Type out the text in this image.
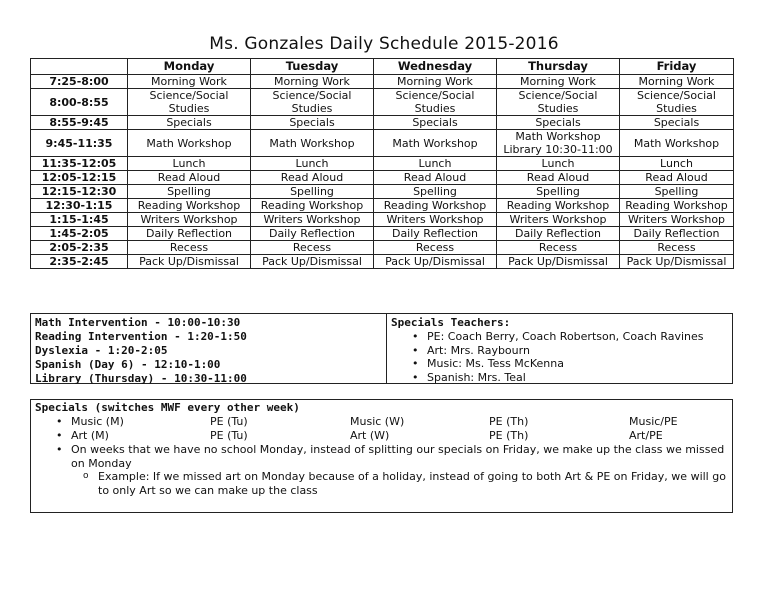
Ms. Gonzales Daily Schedule 2015-2016
	Monday	Tuesday	Wednesday	Thursday	Friday
7:25-8:00	Morning Work	Morning Work	Morning Work	Morning Work	Morning Work
8:00-8:55	Science/Social Studies	Science/Social Studies	Science/Social Studies	Science/Social Studies	Science/Social Studies
8:55-9:45	Specials	Specials	Specials	Specials	Specials
9:45-11:35	Math Workshop	Math Workshop	Math Workshop	Math Workshop Library 10:30-11:00	Math Workshop
11:35-12:05	Lunch	Lunch	Lunch	Lunch	Lunch
12:05-12:15	Read Aloud	Read Aloud	Read Aloud	Read Aloud	Read Aloud
12:15-12:30	Spelling	Spelling	Spelling	Spelling	Spelling
12:30-1:15	Reading Workshop	Reading Workshop	Reading Workshop	Reading Workshop	Reading Workshop
1:15-1:45	Writers Workshop	Writers Workshop	Writers Workshop	Writers Workshop	Writers Workshop
1:45-2:05	Daily Reflection	Daily Reflection	Daily Reflection	Daily Reflection	Daily Reflection
2:05-2:35	Recess	Recess	Recess	Recess	Recess
2:35-2:45	Pack Up/Dismissal	Pack Up/Dismissal	Pack Up/Dismissal	Pack Up/Dismissal	Pack Up/Dismissal
Math Intervention - 10:00-10:30
Reading Intervention - 1:20-1:50
Dyslexia - 1:20-2:05
Spanish (Day 6) - 12:10-1:00
Library (Thursday) - 10:30-11:00
Specials Teachers:
• PE: Coach Berry, Coach Robertson, Coach Ravines
• Art: Mrs. Raybourn
• Music: Ms. Tess McKenna
• Spanish: Mrs. Teal
Specials (switches MWF every other week)
• Music (M)	PE (Tu)	Music (W)	PE (Th)	Music/PE
• Art (M)	PE (Tu)	Art (W)	PE (Th)	Art/PE
• On weeks that we have no school Monday, instead of splitting our specials on Friday, we make up the class we missed on Monday
o Example: If we missed art on Monday because of a holiday, instead of going to both Art & PE on Friday, we will go to only Art so we can make up the class
